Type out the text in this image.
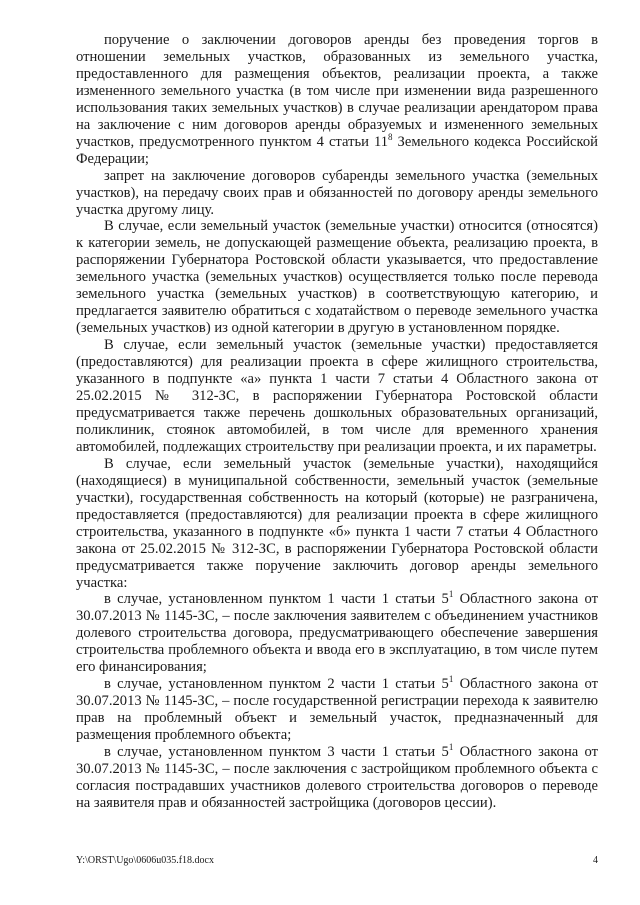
поручение о заключении договоров аренды без проведения торгов в отношении земельных участков, образованных из земельного участка, предоставленного для размещения объектов, реализации проекта, а также измененного земельного участка (в том числе при изменении вида разрешенного использования таких земельных участков) в случае реализации арендатором права на заключение с ним договоров аренды образуемых и измененного земельных участков, предусмотренного пунктом 4 статьи $11^8$ Земельного кодекса Российской Федерации;

запрет на заключение договоров субаренды земельного участка (земельных участков), на передачу своих прав и обязанностей по договору аренды земельного участка другому лицу.

В случае, если земельный участок (земельные участки) относится (относятся) к категории земель, не допускающей размещение объекта, реализацию проекта, в распоряжении Губернатора Ростовской области указывается, что предоставление земельного участка (земельных участков) осуществляется только после перевода земельного участка (земельных участков) в соответствующую категорию, и предлагается заявителю обратиться с ходатайством о переводе земельного участка (земельных участков) из одной категории в другую в установленном порядке.

В случае, если земельный участок (земельные участки) предоставляется (предоставляются) для реализации проекта в сфере жилищного строительства, указанного в подпункте «а» пункта 1 части 7 статьи 4 Областного закона от 25.02.2015 № 312-ЗС, в распоряжении Губернатора Ростовской области предусматривается также перечень дошкольных образовательных организаций, поликлиник, стоянок автомобилей, в том числе для временного хранения автомобилей, подлежащих строительству при реализации проекта, и их параметры.

В случае, если земельный участок (земельные участки), находящийся (находящиеся) в муниципальной собственности, земельный участок (земельные участки), государственная собственность на который (которые) не разграничена, предоставляется (предоставляются) для реализации проекта в сфере жилищного строительства, указанного в подпункте «б» пункта 1 части 7 статьи 4 Областного закона от 25.02.2015 № 312-ЗС, в распоряжении Губернатора Ростовской области предусматривается также поручение заключить договор аренды земельного участка:

в случае, установленном пунктом 1 части 1 статьи $5^1$ Областного закона от 30.07.2013 № 1145-ЗС, – после заключения заявителем с объединением участников долевого строительства договора, предусматривающего обеспечение завершения строительства проблемного объекта и ввода его в эксплуатацию, в том числе путем его финансирования;

в случае, установленном пунктом 2 части 1 статьи $5^1$ Областного закона от 30.07.2013 № 1145-ЗС, – после государственной регистрации перехода к заявителю прав на проблемный объект и земельный участок, предназначенный для размещения проблемного объекта;

в случае, установленном пунктом 3 части 1 статьи $5^1$ Областного закона от 30.07.2013 № 1145-ЗС, – после заключения с застройщиком проблемного объекта с согласия пострадавших участников долевого строительства договоров о переводе на заявителя прав и обязанностей застройщика (договоров цессии).

Y:\ORST\Ugo\0606u035.f18.docx	4
